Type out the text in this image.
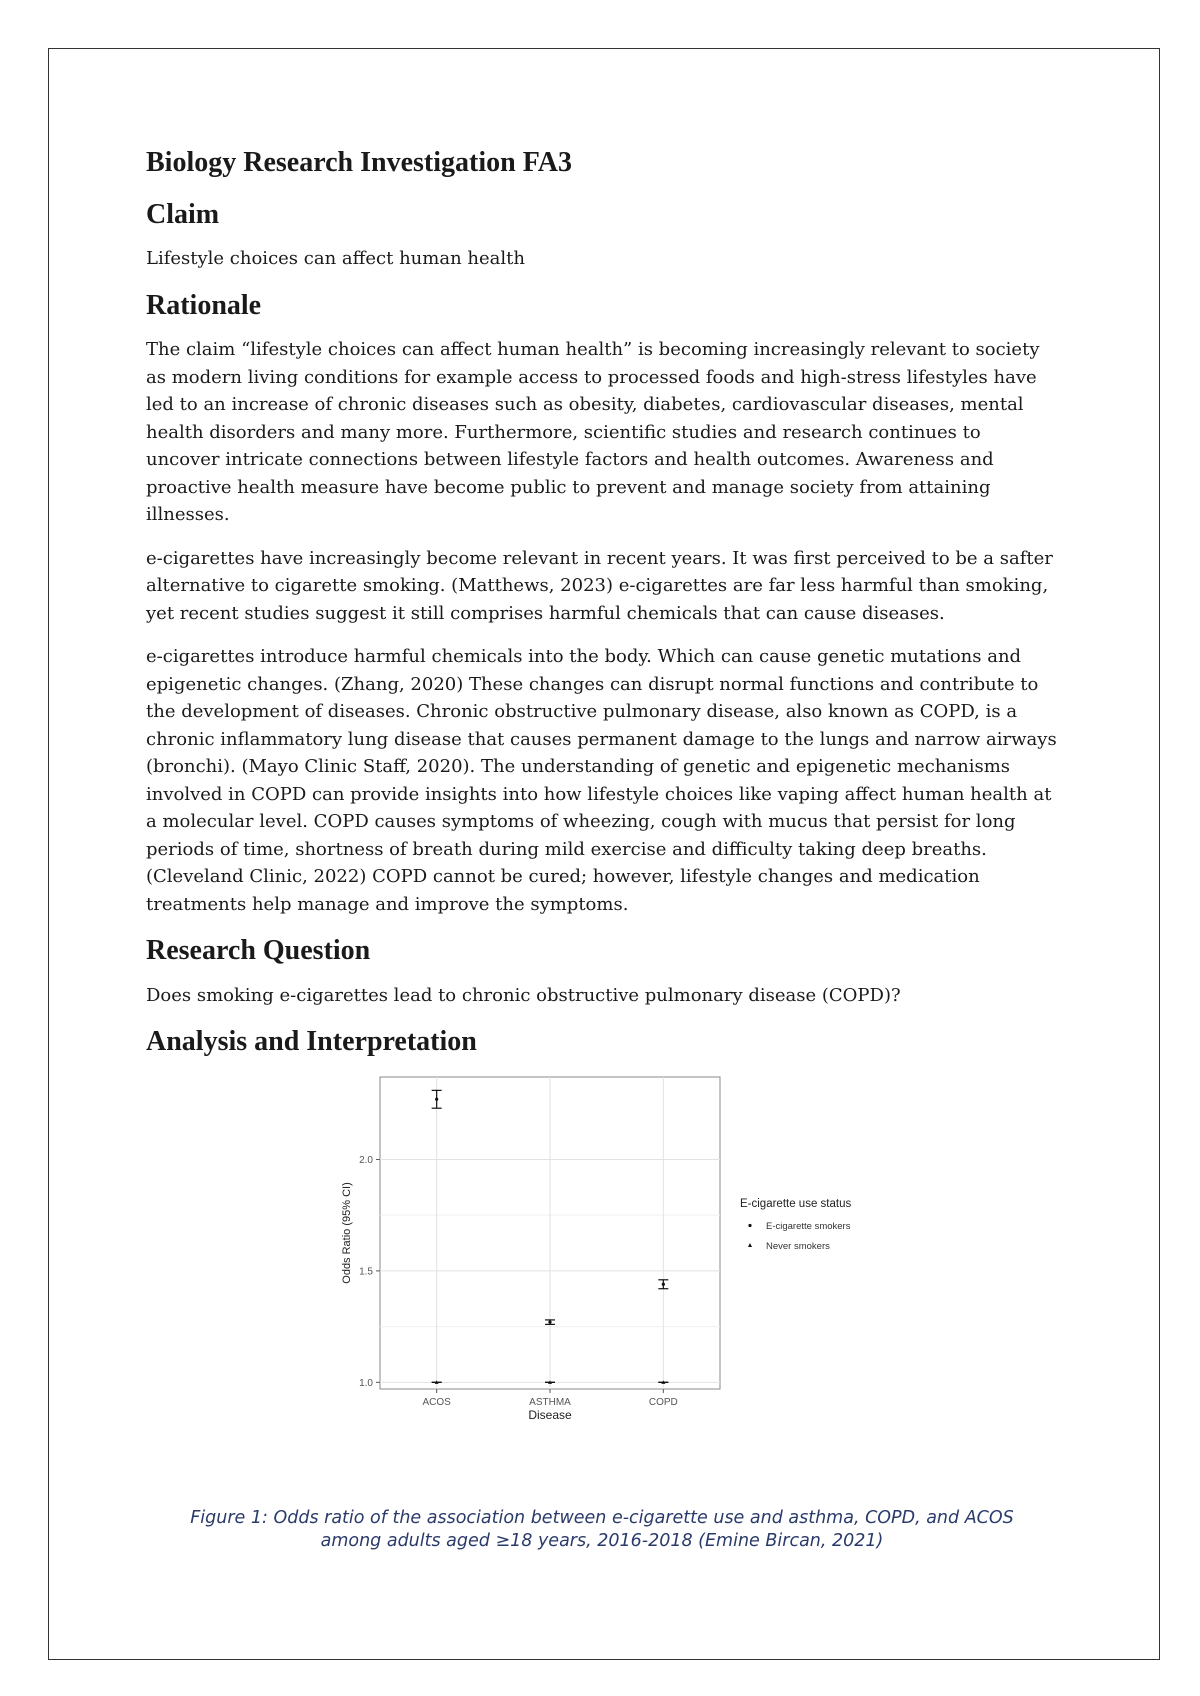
Biology Research Investigation FA3
Claim

Lifestyle choices can affect human health

Rationale

The claim “lifestyle choices can affect human health” is becoming increasingly relevant to society as modern living conditions for example access to processed foods and high-stress lifestyles have led to an increase of chronic diseases such as obesity, diabetes, cardiovascular diseases, mental health disorders and many more. Furthermore, scientific studies and research continues to uncover intricate connections between lifestyle factors and health outcomes. Awareness and proactive health measure have become public to prevent and manage society from attaining illnesses.

e-cigarettes have increasingly become relevant in recent years. It was first perceived to be a safter alternative to cigarette smoking. (Matthews, 2023) e-cigarettes are far less harmful than smoking, yet recent studies suggest it still comprises harmful chemicals that can cause diseases.

e-cigarettes introduce harmful chemicals into the body. Which can cause genetic mutations and epigenetic changes. (Zhang, 2020) These changes can disrupt normal functions and contribute to the development of diseases. Chronic obstructive pulmonary disease, also known as COPD, is a chronic inflammatory lung disease that causes permanent damage to the lungs and narrow airways (bronchi). (Mayo Clinic Staff, 2020). The understanding of genetic and epigenetic mechanisms involved in COPD can provide insights into how lifestyle choices like vaping affect human health at a molecular level. COPD causes symptoms of wheezing, cough with mucus that persist for long periods of time, shortness of breath during mild exercise and difficulty taking deep breaths. (Cleveland Clinic, 2022) COPD cannot be cured; however, lifestyle changes and medication treatments help manage and improve the symptoms.

Research Question

Does smoking e-cigarettes lead to chronic obstructive pulmonary disease (COPD)?

Analysis and Interpretation
1.0
1.5
2.0
ACOS	ASTHMA	COPD
Disease
Odds Ratio (95% CI)	E-cigarette use status
E-cigarette smokers
Never smokers

Figure 1: Odds ratio of the association between e-cigarette use and asthma, COPD, and ACOS among adults aged ≥18 years, 2016-2018 (Emine Bircan, 2021)
